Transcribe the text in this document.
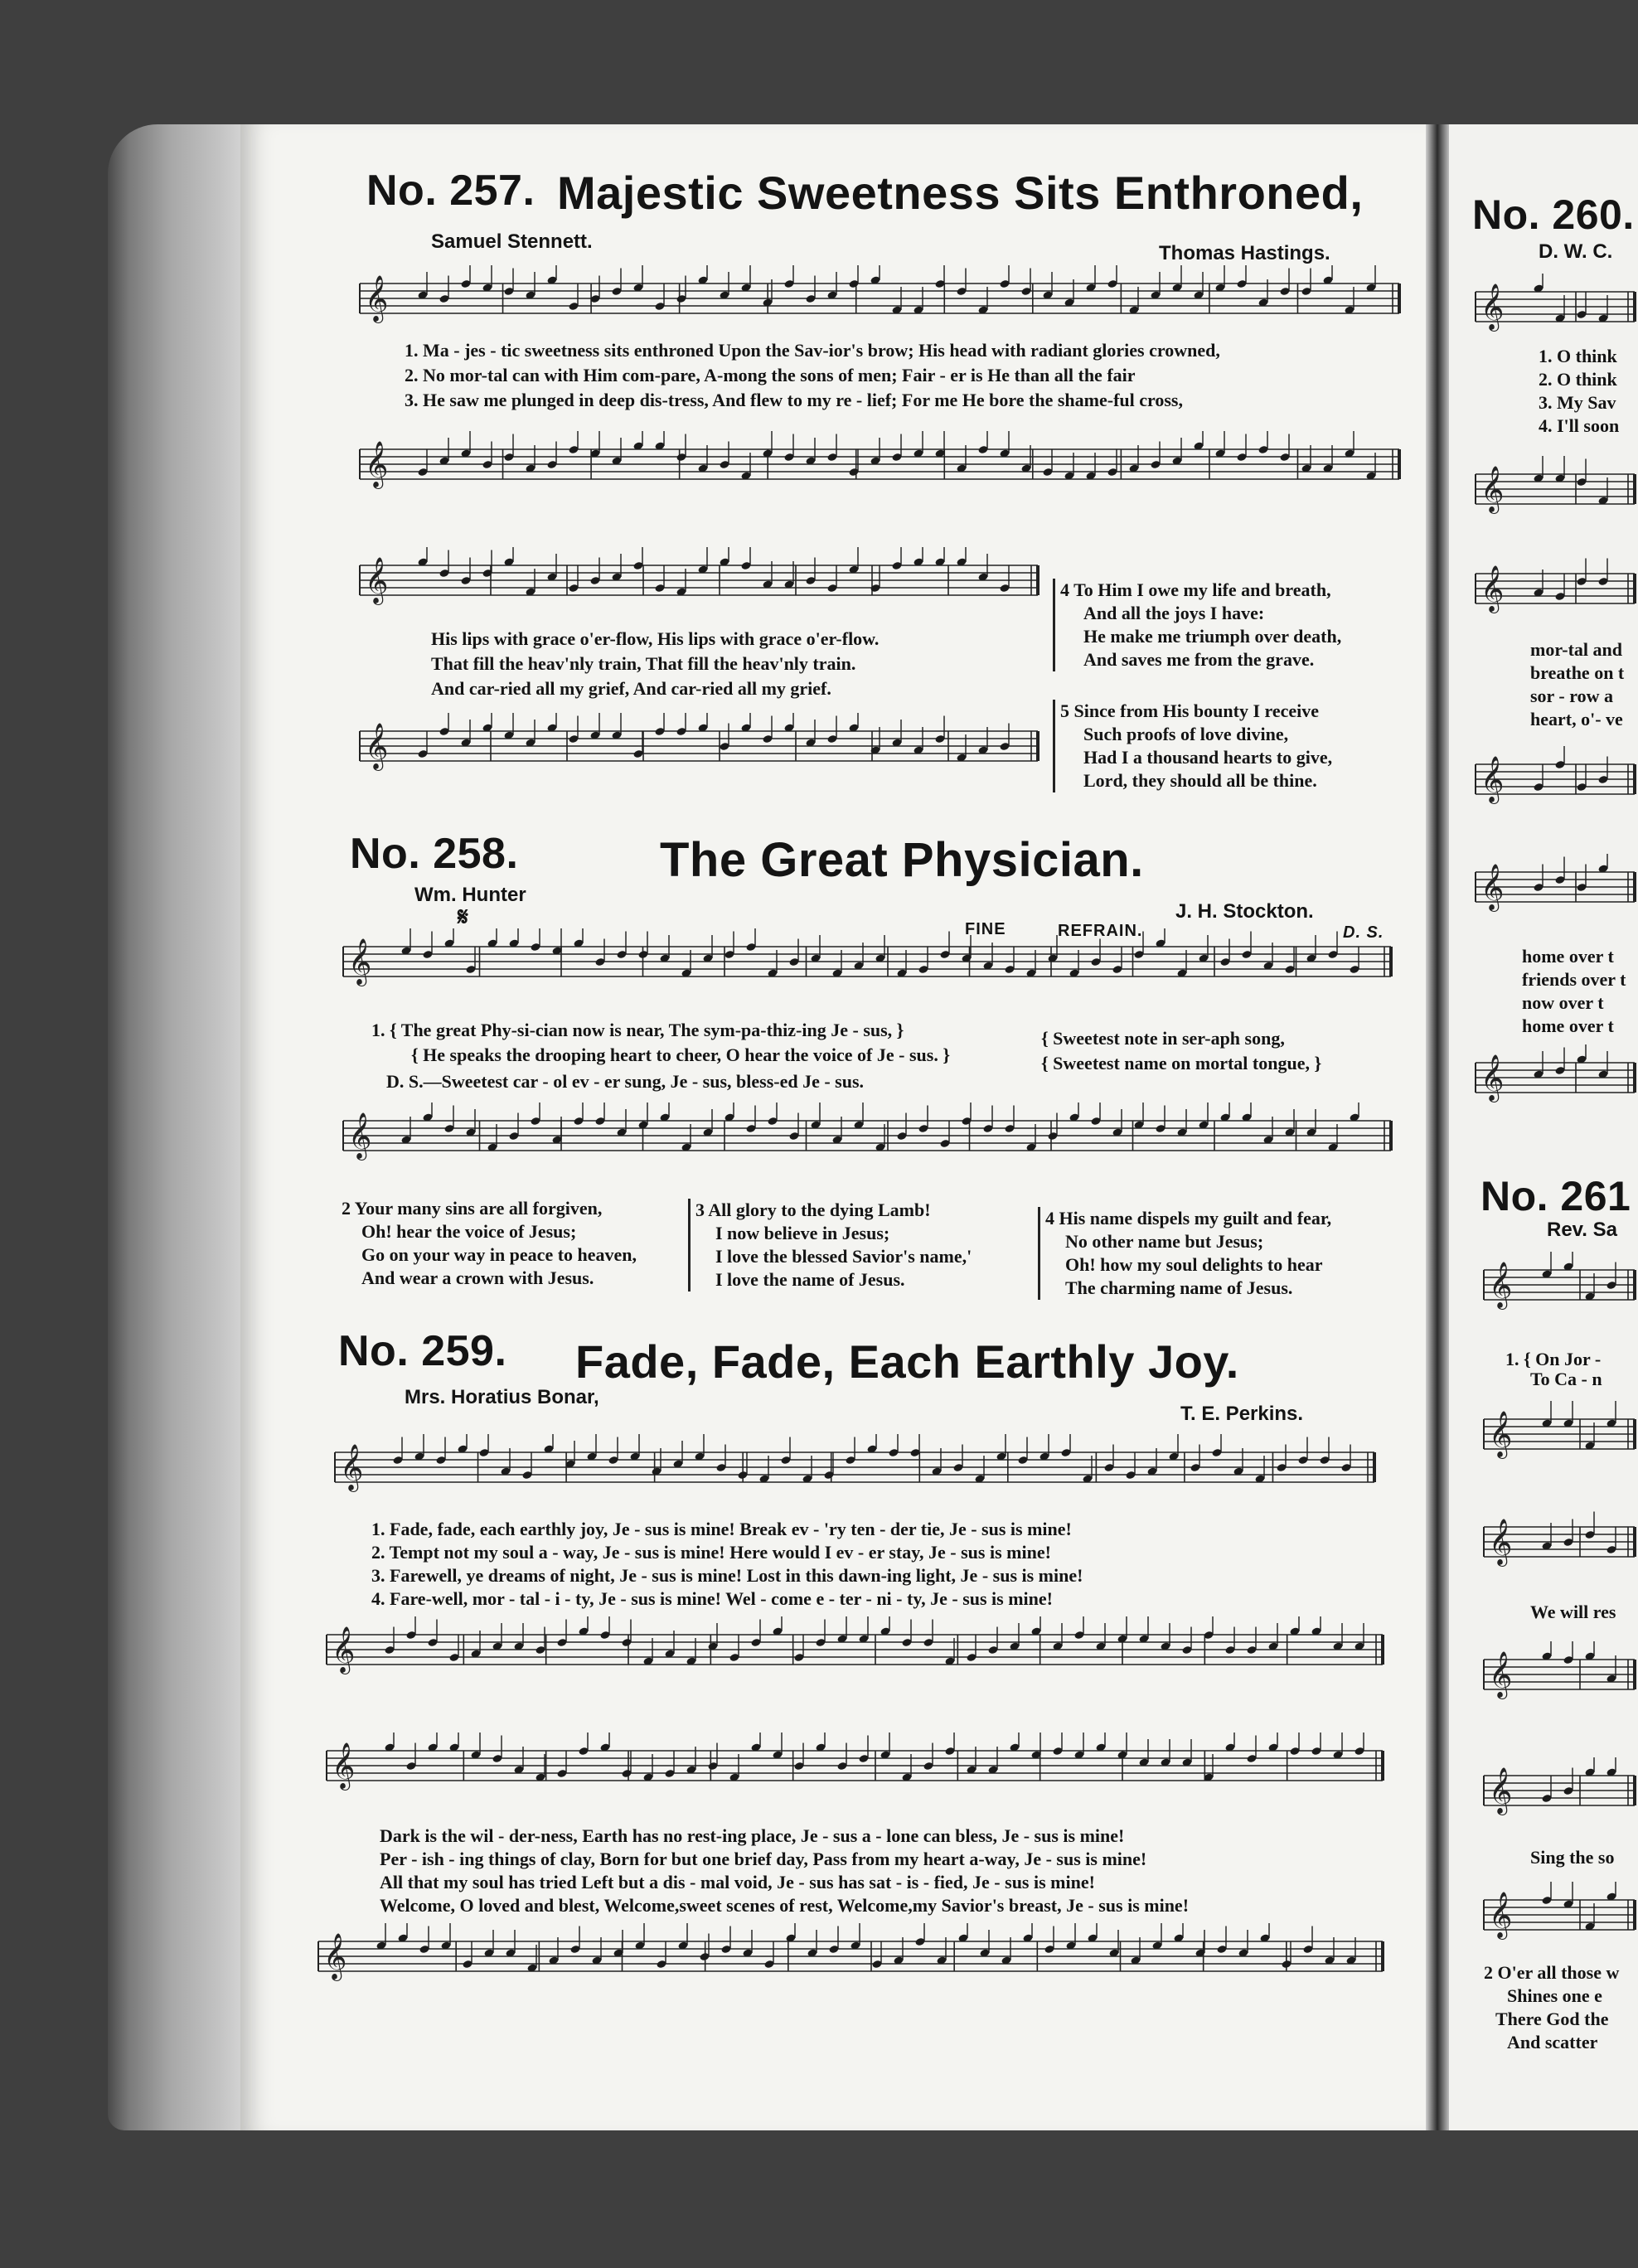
No. 257. Majestic Sweetness Sits Enthroned,
Samuel Stennett.
Thomas Hastings.
𝄞
1. Ma - jes - tic sweetness sits enthroned Upon the Sav-ior's brow; His head with radiant glories crowned,
2. No mor-tal can with Him com-pare, A-mong the sons of men; Fair - er is He than all the fair
3. He saw me plunged in deep dis-tress, And flew to my re - lief; For me He bore the shame-ful cross,
𝄞
𝄞
His lips with grace o'er-flow, His lips with grace o'er-flow.
That fill the heav'nly train, That fill the heav'nly train.
And car-ried all my grief, And car-ried all my grief.
𝄞
4 To Him I owe my life and breath,
And all the joys I have:
He make me triumph over death,
And saves me from the grave.
5 Since from His bounty I receive
Such proofs of love divine,
Had I a thousand hearts to give,
Lord, they should all be thine.
No. 258.	The Great Physician.
Wm. Hunter
J. H. Stockton.
𝄋	FINE	REFRAIN.	D. S.
𝄞
1. { The great Phy-si-cian now is near, The sym-pa-thiz-ing Je - sus, }
{ He speaks the drooping heart to cheer, O hear the voice of Je - sus. }
D. S.—Sweetest car - ol ev - er sung, Je - sus, bless-ed Je - sus.
{ Sweetest note in ser-aph song,
{ Sweetest name on mortal tongue, }
𝄞
2 Your many sins are all forgiven,
Oh! hear the voice of Jesus;
Go on your way in peace to heaven,
And wear a crown with Jesus.
3 All glory to the dying Lamb!
I now believe in Jesus;
I love the blessed Savior's name,'
I love the name of Jesus.
4 His name dispels my guilt and fear,
No other name but Jesus;
Oh! how my soul delights to hear
The charming name of Jesus.
No. 259. Fade, Fade, Each Earthly Joy.
Mrs. Horatius Bonar,
T. E. Perkins.
𝄞
1. Fade, fade, each earthly joy, Je - sus is mine! Break ev - 'ry ten - der tie, Je - sus is mine!
2. Tempt not my soul a - way, Je - sus is mine! Here would I ev - er stay, Je - sus is mine!
3. Farewell, ye dreams of night, Je - sus is mine! Lost in this dawn-ing light, Je - sus is mine!
4. Fare-well, mor - tal - i - ty, Je - sus is mine! Wel - come e - ter - ni - ty, Je - sus is mine!
𝄞
𝄞
Dark is the wil - der-ness, Earth has no rest-ing place, Je - sus a - lone can bless, Je - sus is mine!
Per - ish - ing things of clay, Born for but one brief day, Pass from my heart a-way, Je - sus is mine!
All that my soul has tried Left but a dis - mal void, Je - sus has sat - is - fied, Je - sus is mine!
Welcome, O loved and blest, Welcome,sweet scenes of rest, Welcome,my Savior's breast, Je - sus is mine!
𝄞
No. 260.
D. W. C.
𝄞
1. O think
2. O think
3. My Sav
4. I'll soon
𝄞
𝄞
mor-tal and
breathe on t
sor - row a
heart, o'- ve
𝄞
𝄞
home over t
friends over t
now over t
home over t
𝄞
No. 261
Rev. Sa
𝄞
1. { On Jor -
To Ca - n
𝄞
𝄞
We will res
𝄞
𝄞
Sing the so
𝄞
2 O'er all those w
Shines one e
There God the
And scatter
